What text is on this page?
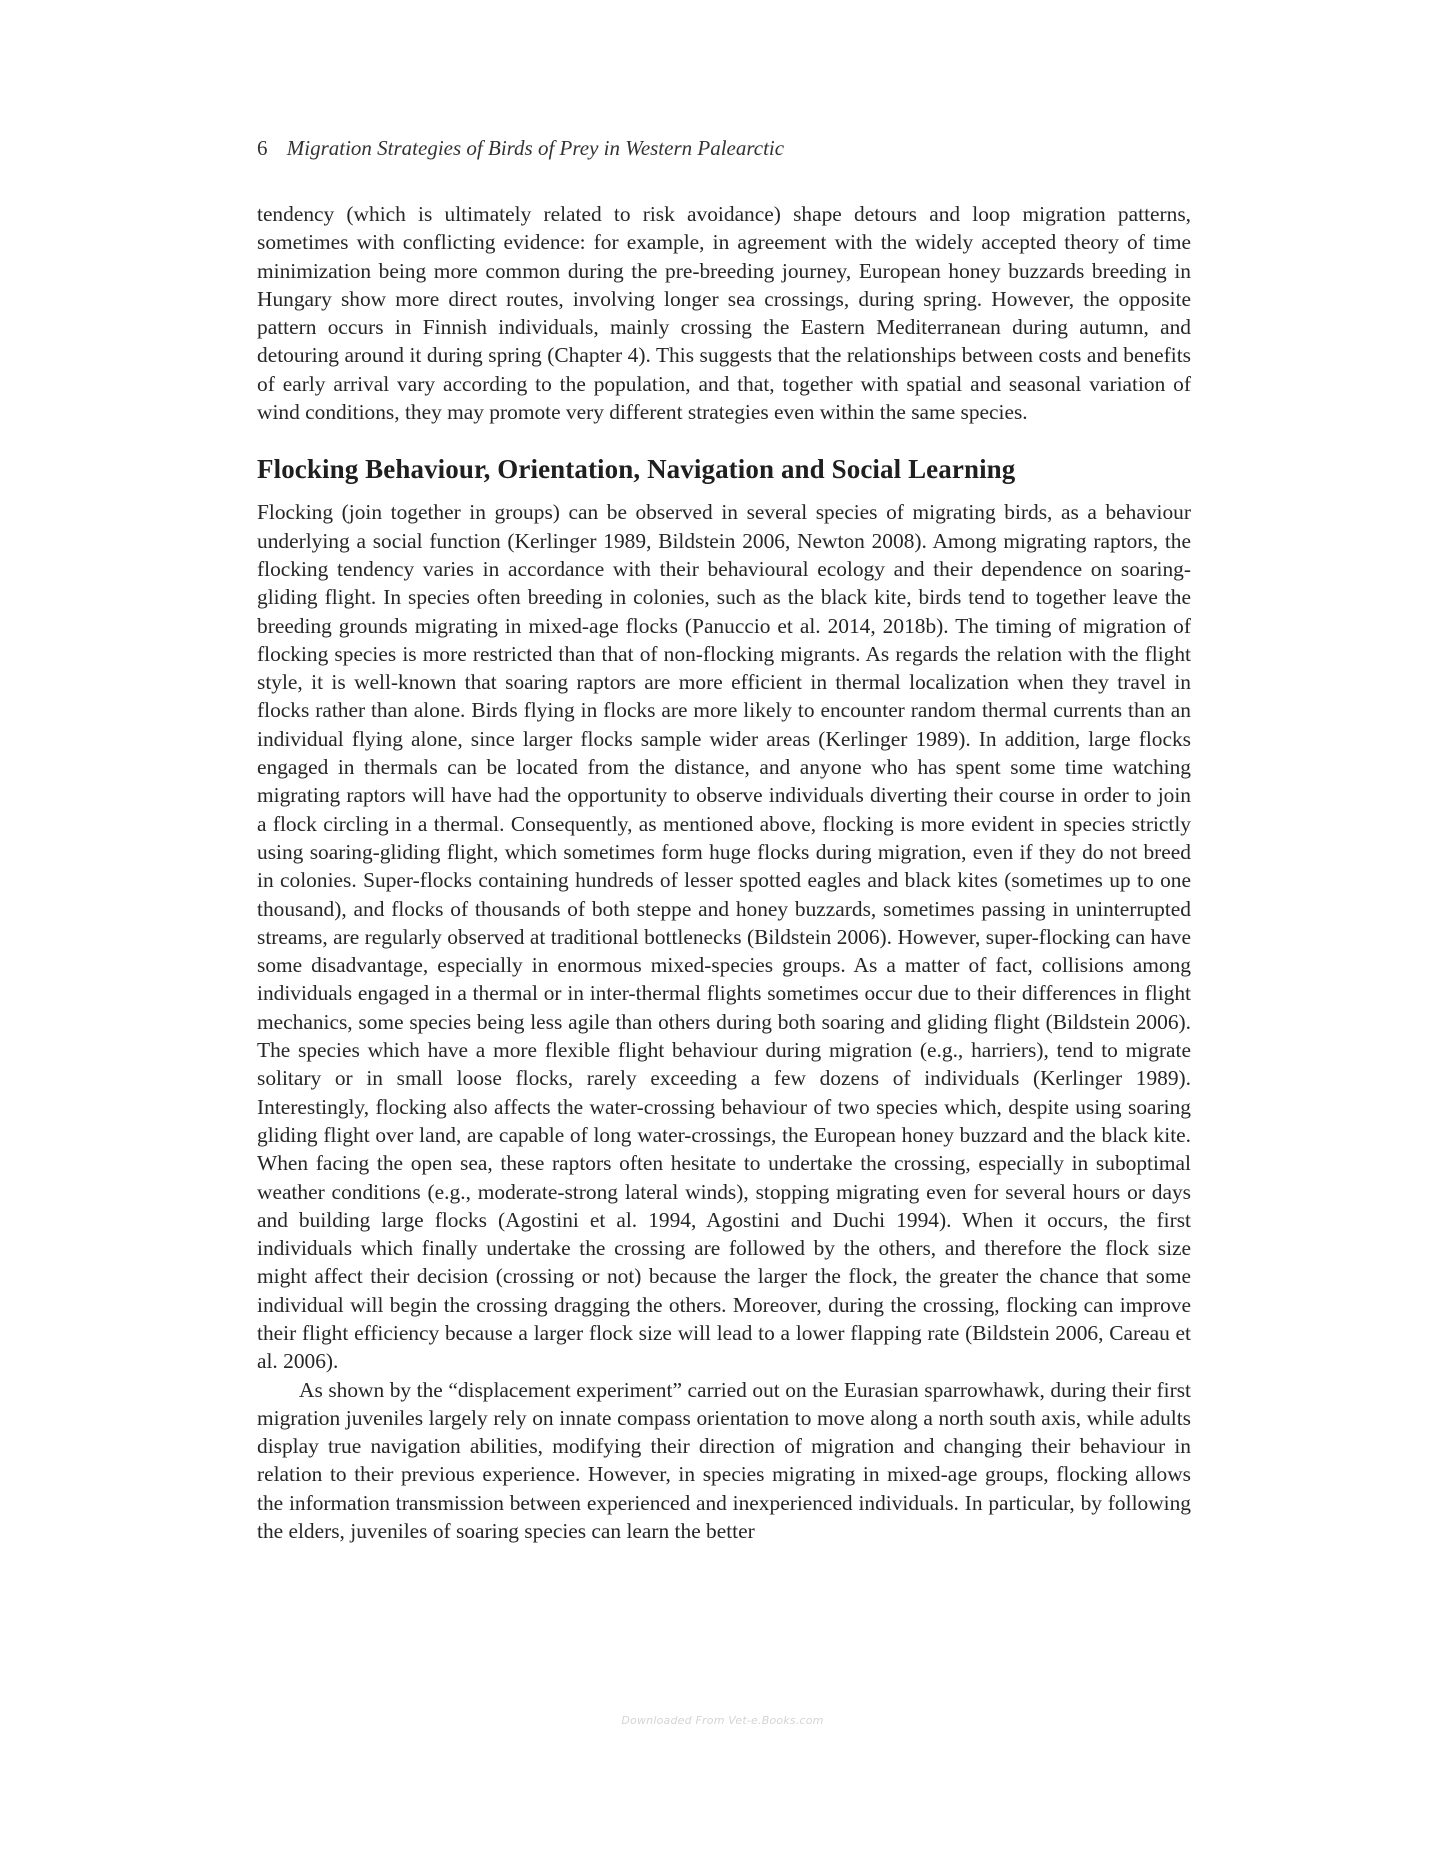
6 Migration Strategies of Birds of Prey in Western Palearctic

tendency (which is ultimately related to risk avoidance) shape detours and loop migration patterns, sometimes with conflicting evidence: for example, in agreement with the widely accepted theory of time minimization being more common during the pre-breeding journey, European honey buzzards breeding in Hungary show more direct routes, involving longer sea crossings, during spring. However, the opposite pattern occurs in Finnish individuals, mainly crossing the Eastern Mediterranean during autumn, and detouring around it during spring (Chapter 4). This suggests that the relationships between costs and benefits of early arrival vary according to the population, and that, together with spatial and seasonal variation of wind conditions, they may promote very different strategies even within the same species.

Flocking Behaviour, Orientation, Navigation and Social Learning

Flocking (join together in groups) can be observed in several species of migrating birds, as a behaviour underlying a social function (Kerlinger 1989, Bildstein 2006, Newton 2008). Among migrating raptors, the flocking tendency varies in accordance with their behavioural ecology and their dependence on soaring-gliding flight. In species often breeding in colonies, such as the black kite, birds tend to together leave the breeding grounds migrating in mixed-age flocks (Panuccio et al. 2014, 2018b). The timing of migration of flocking species is more restricted than that of non-flocking migrants. As regards the relation with the flight style, it is well-known that soaring raptors are more efficient in thermal localization when they travel in flocks rather than alone. Birds flying in flocks are more likely to encounter random thermal currents than an individual flying alone, since larger flocks sample wider areas (Kerlinger 1989). In addition, large flocks engaged in thermals can be located from the distance, and anyone who has spent some time watching migrating raptors will have had the opportunity to observe individuals diverting their course in order to join a flock circling in a thermal. Consequently, as mentioned above, flocking is more evident in species strictly using soaring-gliding flight, which sometimes form huge flocks during migration, even if they do not breed in colonies. Super-flocks containing hundreds of lesser spotted eagles and black kites (sometimes up to one thousand), and flocks of thousands of both steppe and honey buzzards, sometimes passing in uninterrupted streams, are regularly observed at traditional bottlenecks (Bildstein 2006). However, super-flocking can have some disadvantage, especially in enormous mixed-species groups. As a matter of fact, collisions among individuals engaged in a thermal or in inter-thermal flights sometimes occur due to their differences in flight mechanics, some species being less agile than others during both soaring and gliding flight (Bildstein 2006). The species which have a more flexible flight behaviour during migration (e.g., harriers), tend to migrate solitary or in small loose flocks, rarely exceeding a few dozens of individuals (Kerlinger 1989). Interestingly, flocking also affects the water-crossing behaviour of two species which, despite using soaring gliding flight over land, are capable of long water-crossings, the European honey buzzard and the black kite. When facing the open sea, these raptors often hesitate to undertake the crossing, especially in suboptimal weather conditions (e.g., moderate-strong lateral winds), stopping migrating even for several hours or days and building large flocks (Agostini et al. 1994, Agostini and Duchi 1994). When it occurs, the first individuals which finally undertake the crossing are followed by the others, and therefore the flock size might affect their decision (crossing or not) because the larger the flock, the greater the chance that some individual will begin the crossing dragging the others. Moreover, during the crossing, flocking can improve their flight efficiency because a larger flock size will lead to a lower flapping rate (Bildstein 2006, Careau et al. 2006).

As shown by the “displacement experiment” carried out on the Eurasian sparrowhawk, during their first migration juveniles largely rely on innate compass orientation to move along a north south axis, while adults display true navigation abilities, modifying their direction of migration and changing their behaviour in relation to their previous experience. However, in species migrating in mixed-age groups, flocking allows the information transmission between experienced and inexperienced individuals. In particular, by following the elders, juveniles of soaring species can learn the better

Downloaded From Vet-e.Books.com
